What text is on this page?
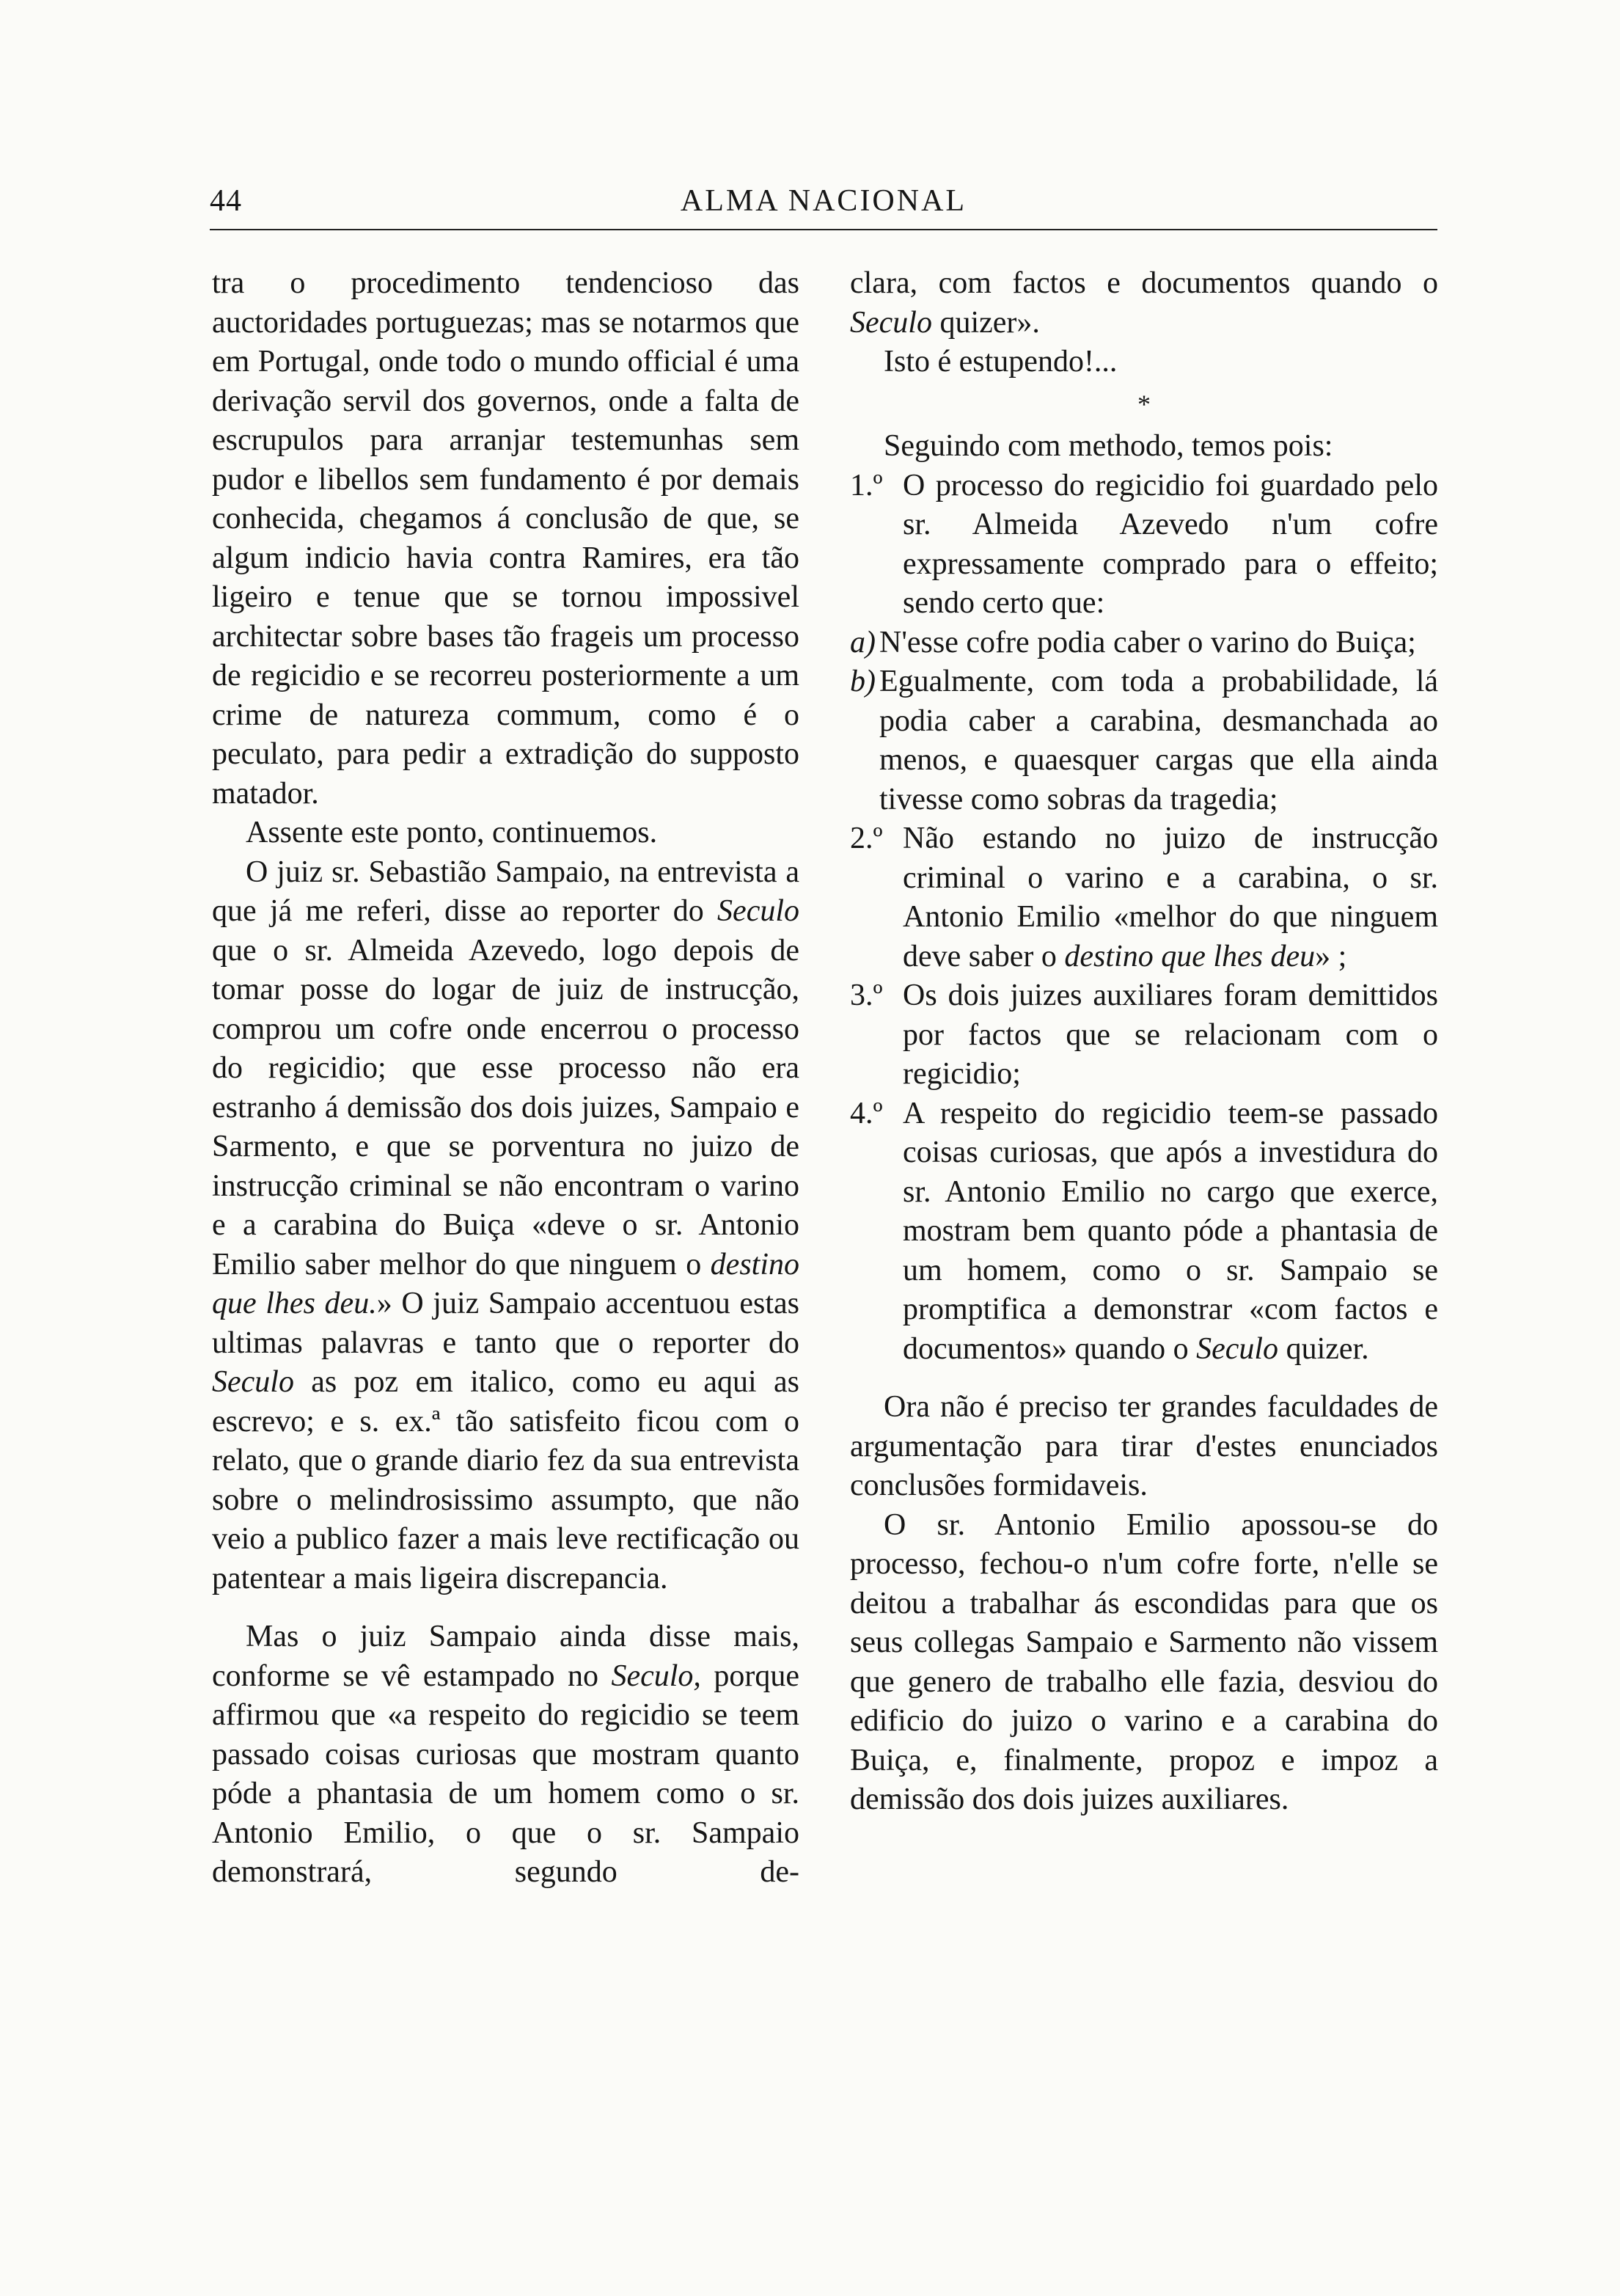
44	ALMA NACIONAL

tra o procedimento tendencioso das auctoridades portuguezas; mas se notarmos que em Portugal, onde todo o mundo official é uma derivação servil dos governos, onde a falta de escrupulos para arranjar testemunhas sem pudor e libellos sem fundamento é por demais conhecida, chegamos á conclusão de que, se algum indicio havia contra Ramires, era tão ligeiro e tenue que se tornou impossivel architectar sobre bases tão frageis um processo de regicidio e se recorreu posteriormente a um crime de natureza commum, como é o peculato, para pedir a extradição do supposto matador.

Assente este ponto, continuemos.

O juiz sr. Sebastião Sampaio, na entrevista a que já me referi, disse ao reporter do Seculo que o sr. Almeida Azevedo, logo depois de tomar posse do logar de juiz de instrucção, comprou um cofre onde encerrou o processo do regicidio; que esse processo não era estranho á demissão dos dois juizes, Sampaio e Sarmento, e que se porventura no juizo de instrucção criminal se não encontram o varino e a carabina do Buiça «deve o sr. Antonio Emilio saber melhor do que ninguem o destino que lhes deu.» O juiz Sampaio accentuou estas ultimas palavras e tanto que o reporter do Seculo as poz em italico, como eu aqui as escrevo; e s. ex.ª tão satisfeito ficou com o relato, que o grande diario fez da sua entrevista sobre o melindrosissimo assumpto, que não veio a publico fazer a mais leve rectificação ou patentear a mais ligeira discrepancia.

Mas o juiz Sampaio ainda disse mais, conforme se vê estampado no Seculo, porque affirmou que «a respeito do regicidio se teem passado coisas curiosas que mostram quanto póde a phantasia de um homem como o sr. Antonio Emilio, o que o sr. Sampaio demonstrará, segundo de-

clara, com factos e documentos quando o Seculo quizer».

Isto é estupendo!...

*

Seguindo com methodo, temos pois:

1.º O processo do regicidio foi guardado pelo sr. Almeida Azevedo n'um cofre expressamente comprado para o effeito; sendo certo que:
a) N'esse cofre podia caber o varino do Buiça;
b) Egualmente, com toda a probabilidade, lá podia caber a carabina, desmanchada ao menos, e quaesquer cargas que ella ainda tivesse como sobras da tragedia;
2.º Não estando no juizo de instrucção criminal o varino e a carabina, o sr. Antonio Emilio «melhor do que ninguem deve saber o destino que lhes deu» ;
3.º Os dois juizes auxiliares foram demittidos por factos que se relacionam com o regicidio;
4.º A respeito do regicidio teem-se passado coisas curiosas, que após a investidura do sr. Antonio Emilio no cargo que exerce, mostram bem quanto póde a phantasia de um homem, como o sr. Sampaio se promptifica a demonstrar «com factos e documentos» quando o Seculo quizer.

Ora não é preciso ter grandes faculdades de argumentação para tirar d'estes enunciados conclusões formidaveis.

O sr. Antonio Emilio apossou-se do processo, fechou-o n'um cofre forte, n'elle se deitou a trabalhar ás escondidas para que os seus collegas Sampaio e Sarmento não vissem que genero de trabalho elle fazia, desviou do edificio do juizo o varino e a carabina do Buiça, e, finalmente, propoz e impoz a demissão dos dois juizes auxiliares.
